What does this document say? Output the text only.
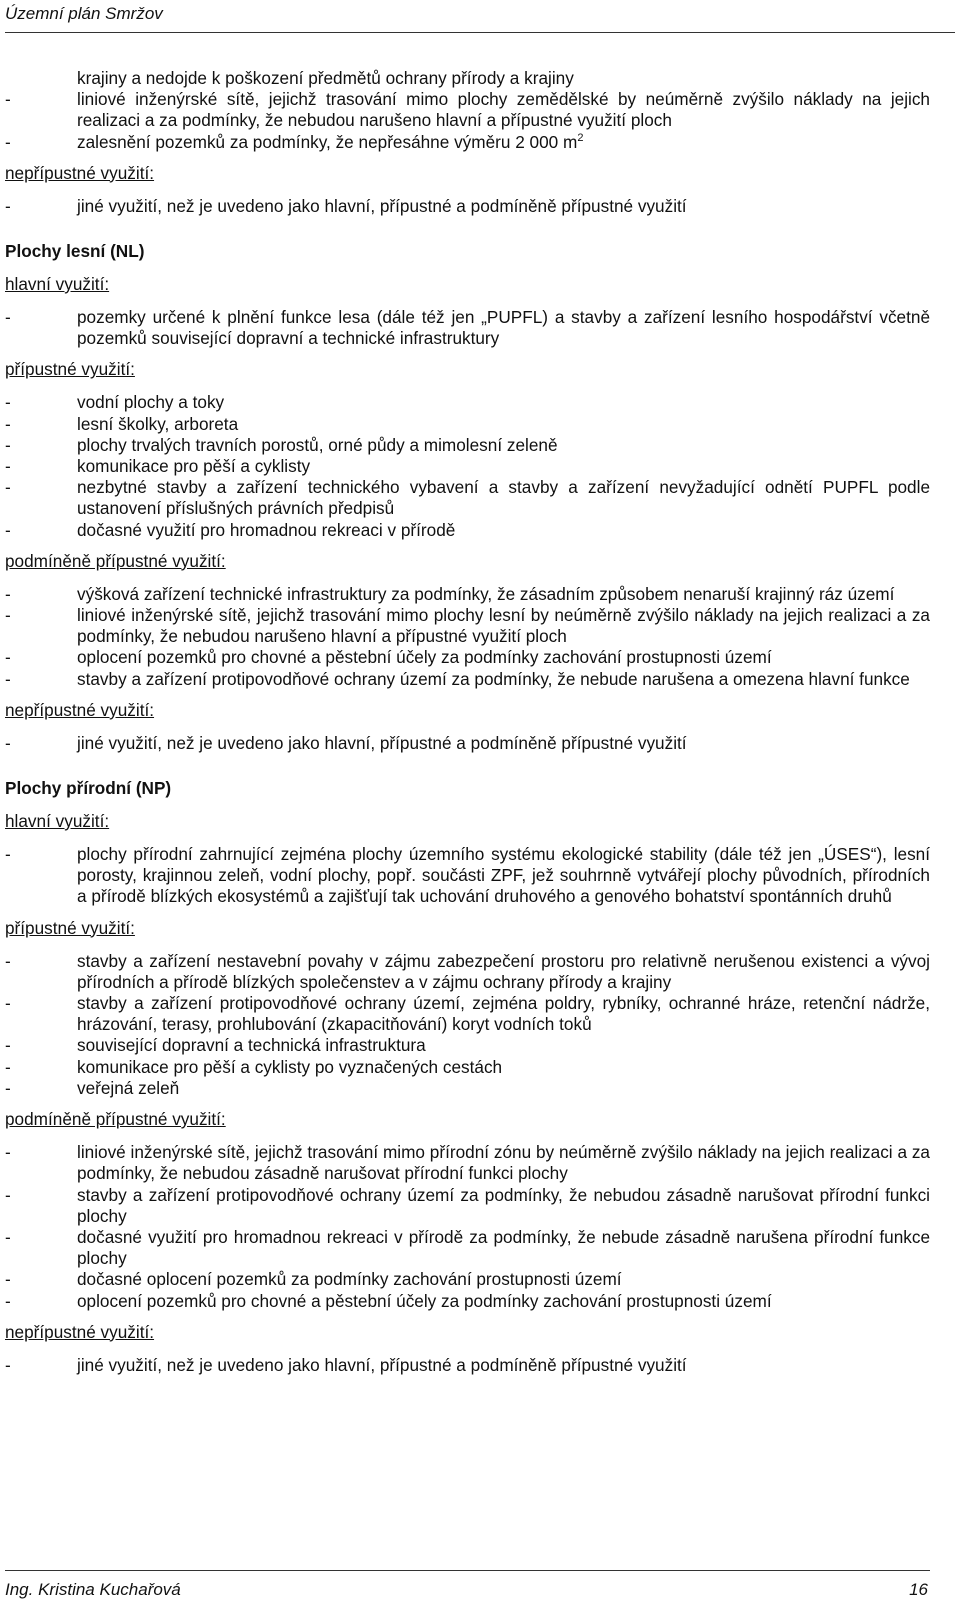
Územní plán Smržov
krajiny a nedojde k poškození předmětů ochrany přírody a krajiny
-	liniové inženýrské sítě, jejichž trasování mimo plochy zemědělské by neúměrně zvýšilo náklady na jejich realizaci a za podmínky, že nebudou narušeno hlavní a přípustné využití ploch
-	zalesnění pozemků za podmínky, že nepřesáhne výměru 2 000 $m^2$
nepřípustné využití:
-	jiné využití, než je uvedeno jako hlavní, přípustné a podmíněně přípustné využití
Plochy lesní (NL)
hlavní využití:
-	pozemky určené k plnění funkce lesa (dále též jen „PUPFL) a stavby a zařízení lesního hospodářství včetně pozemků související dopravní a technické infrastruktury
přípustné využití:
-	vodní plochy a toky
-	lesní školky, arboreta
-	plochy trvalých travních porostů, orné půdy a mimolesní zeleně
-	komunikace pro pěší a cyklisty
-	nezbytné stavby a zařízení technického vybavení a stavby a zařízení nevyžadující odnětí PUPFL podle ustanovení příslušných právních předpisů
-	dočasné využití pro hromadnou rekreaci v přírodě
podmíněně přípustné využití:
-	výšková zařízení technické infrastruktury za podmínky, že zásadním způsobem nenaruší krajinný ráz území
-	liniové inženýrské sítě, jejichž trasování mimo plochy lesní by neúměrně zvýšilo náklady na jejich realizaci a za podmínky, že nebudou narušeno hlavní a přípustné využití ploch
-	oplocení pozemků pro chovné a pěstební účely za podmínky zachování prostupnosti území
-	stavby a zařízení protipovodňové ochrany území za podmínky, že nebude narušena a omezena hlavní funkce
nepřípustné využití:
-	jiné využití, než je uvedeno jako hlavní, přípustné a podmíněně přípustné využití
Plochy přírodní (NP)
hlavní využití:
-	plochy přírodní zahrnující zejména plochy územního systému ekologické stability (dále též jen „ÚSES“), lesní porosty, krajinnou zeleň, vodní plochy, popř. součásti ZPF, jež souhrnně vytvářejí plochy původních, přírodních a přírodě blízkých ekosystémů a zajišťují tak uchování druhového a genového bohatství spontánních druhů
přípustné využití:
-	stavby a zařízení nestavební povahy v zájmu zabezpečení prostoru pro relativně nerušenou existenci a vývoj přírodních a přírodě blízkých společenstev a v zájmu ochrany přírody a krajiny
-	stavby a zařízení protipovodňové ochrany území, zejména poldry, rybníky, ochranné hráze, retenční nádrže, hrázování, terasy, prohlubování (zkapacitňování) koryt vodních toků
-	související dopravní a technická infrastruktura
-	komunikace pro pěší a cyklisty po vyznačených cestách
-	veřejná zeleň
podmíněně přípustné využití:
-	liniové inženýrské sítě, jejichž trasování mimo přírodní zónu by neúměrně zvýšilo náklady na jejich realizaci a za podmínky, že nebudou zásadně narušovat přírodní funkci plochy
-	stavby a zařízení protipovodňové ochrany území za podmínky, že nebudou zásadně narušovat přírodní funkci plochy
-	dočasné využití pro hromadnou rekreaci v přírodě za podmínky, že nebude zásadně narušena přírodní funkce plochy
-	dočasné oplocení pozemků za podmínky zachování prostupnosti území
-	oplocení pozemků pro chovné a pěstební účely za podmínky zachování prostupnosti území
nepřípustné využití:
-	jiné využití, než je uvedeno jako hlavní, přípustné a podmíněně přípustné využití
Ing. Kristina Kuchařová	16
